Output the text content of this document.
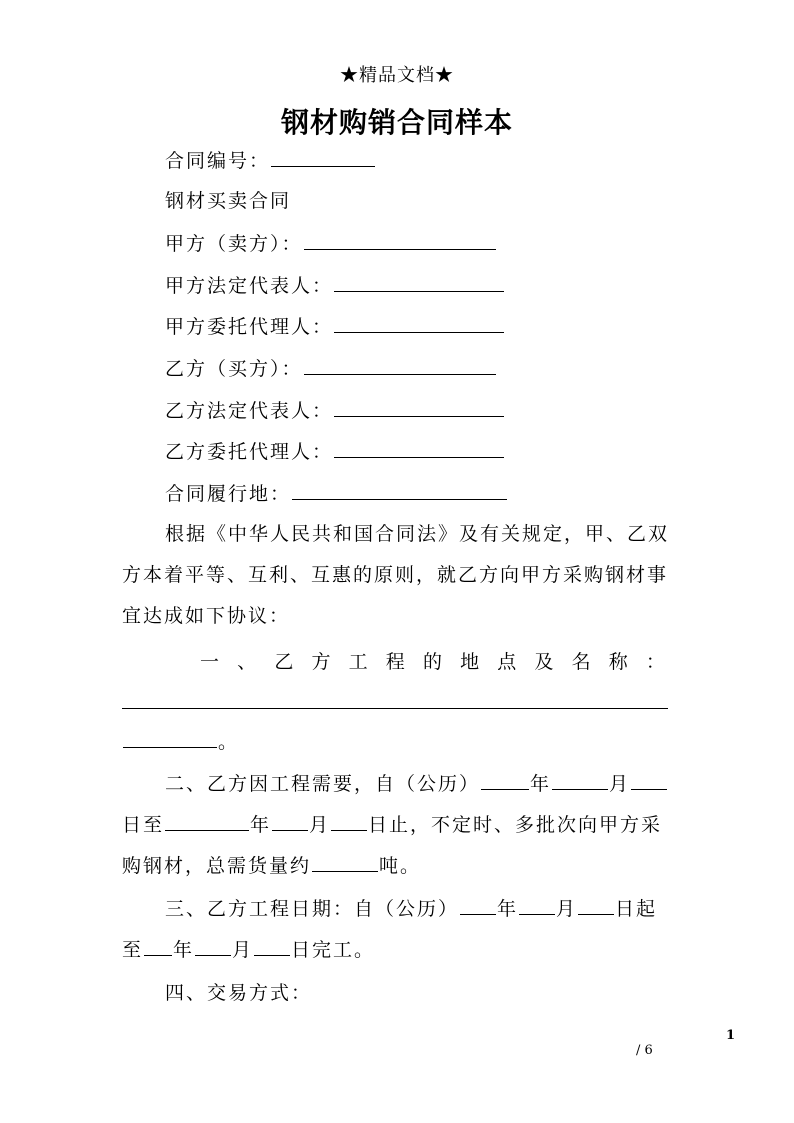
★精品文档★
钢材购销合同样本
合同编号：
钢材买卖合同
甲方（卖方）：
甲方法定代表人：
甲方委托代理人：
乙方（买方）：
乙方法定代表人：
乙方委托代理人：
合同履行地：
根据《中华人民共和国合同法》及有关规定，甲、乙双
方本着平等、互利、互惠的原则，就乙方向甲方采购钢材事
宜达成如下协议：
一 、 乙 方 工 程 的 地 点 及 名 称 ：
。
二、乙方因工程需要，自（公历）	年	月
日至	年 月 日止，不定时、多批次向甲方采
购钢材，总需货量约	吨。
三、乙方工程日期：自（公历） 年 月 日起
至 年 月 日完工。
四、交易方式：
1
/ 6
